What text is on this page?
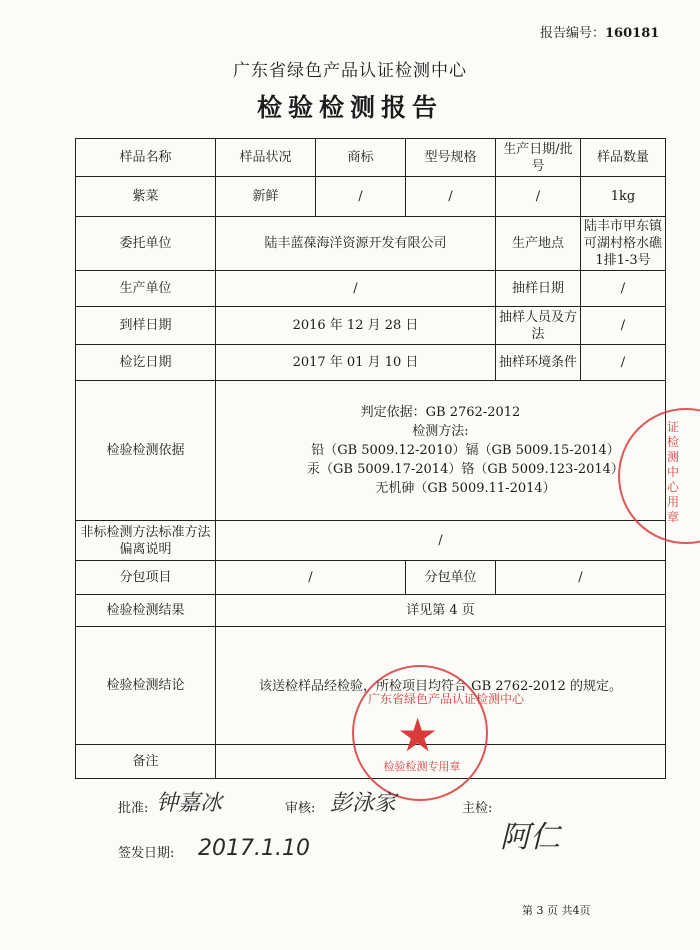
报告编号：160181
广东省绿色产品认证检测中心
检验检测报告
样品名称	样品状况	商标	型号规格	生产日期/批号	样品数量
紫菜	新鲜	/	/	/	1kg
委托单位	陆丰蓝葆海洋资源开发有限公司			生产地点	陆丰市甲东镇可湖村格水礁1排1-3号
生产单位	/			抽样日期	/
到样日期	2016 年 12 月 28 日			抽样人员及方法	/
检讫日期	2017 年 01 月 10 日			抽样环境条件	/
检验检测依据	判定依据：GB 2762-2012
检测方法:
铅（GB 5009.12-2010）镉（GB 5009.15-2014）
汞（GB 5009.17-2014）铬（GB 5009.123-2014）
无机砷（GB 5009.11-2014）				

非标检测方法标准方法偏离说明	/				
分包项目	/		分包单位	/	
检验检测结果	详见第 4 页				
检验检测结论	该送检样品经检验，所检项目均符合 GB 2762-2012 的规定。				

备注						★
广东省绿色产品认证检测中心
检验检测专用章
证检测中心用章
批准: 钟嘉冰	审核: 彭泳家	主检:
阿仁
签发日期: 2017.1.10
第 3 页 共4页
